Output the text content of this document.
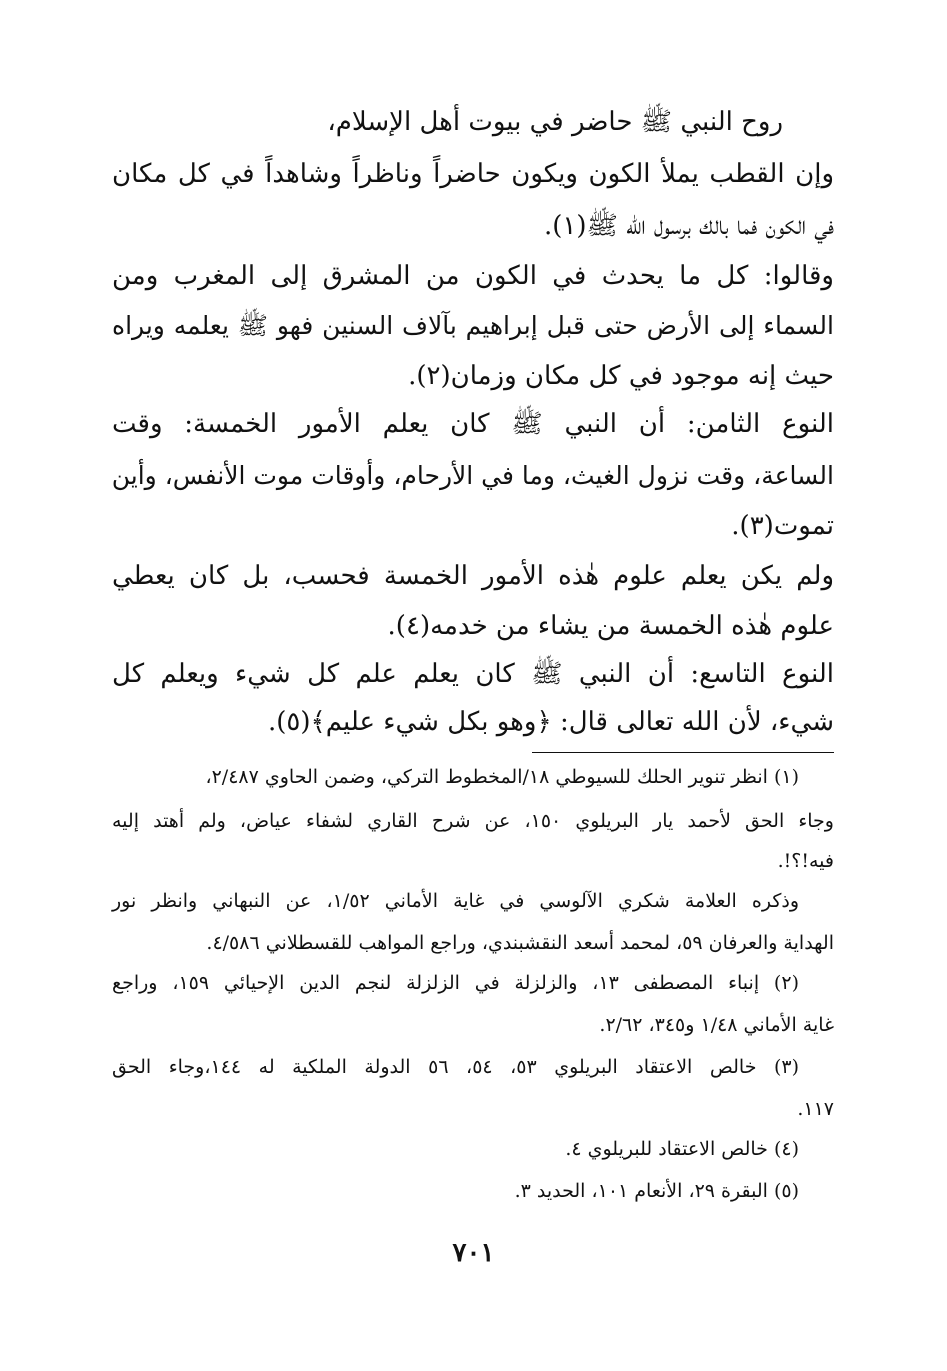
روح النبي ﷺ حاضر في بيوت أهل الإسلام،
وإن القطب يملأ الكون ويكون حاضراً وناظراً وشاهداً في كل مكان
في الكون فما بالك برسول الله ﷺ(١).
وقالوا: كل ما يحدث في الكون من المشرق إلى المغرب ومن
السماء إلى الأرض حتى قبل إبراهيم بآلاف السنين فهو ﷺ يعلمه ويراه
حيث إنه موجود في كل مكان وزمان(٢).
النوع الثامن: أن النبي ﷺ كان يعلم الأمور الخمسة: وقت
الساعة، وقت نزول الغيث، وما في الأرحام، وأوقات موت الأنفس، وأين
تموت(٣).
ولم يكن يعلم علوم هٰذه الأمور الخمسة فحسب، بل كان يعطي
علوم هٰذه الخمسة من يشاء من خدمه(٤).
النوع التاسع: أن النبي ﷺ كان يعلم علم كل شيء ويعلم كل
شيء، لأن الله تعالى قال: ﴿وهو بكل شيء عليم﴾(٥).
(١) انظر تنوير الحلك للسيوطي ١٨/المخطوط التركي، وضمن الحاوي ٢/٤٨٧،
وجاء الحق لأحمد يار البريلوي ١٥٠، عن شرح القاري لشفاء عياض، ولم أهتد إليه
فيه!؟!.
وذكره العلامة شكري الآلوسي في غاية الأماني ١/٥٢، عن النبهاني وانظر نور
الهداية والعرفان ٥٩، لمحمد أسعد النقشبندي، وراجع المواهب للقسطلاني ٤/٥٨٦.
(٢) إنباء المصطفى ١٣، والزلزلة في الزلزلة لنجم الدين الإحيائي ١٥٩، وراجع
غاية الأماني ١/٤٨ و٣٤٥، ٢/٦٢.
(٣) خالص الاعتقاد البريلوي ٥٣، ٥٤، ٥٦ الدولة الملكية له ١٤٤،وجاء الحق
١١٧.
(٤) خالص الاعتقاد للبريلوي ٤.
(٥) البقرة ٢٩، الأنعام ١٠١، الحديد ٣.
٧٠١
